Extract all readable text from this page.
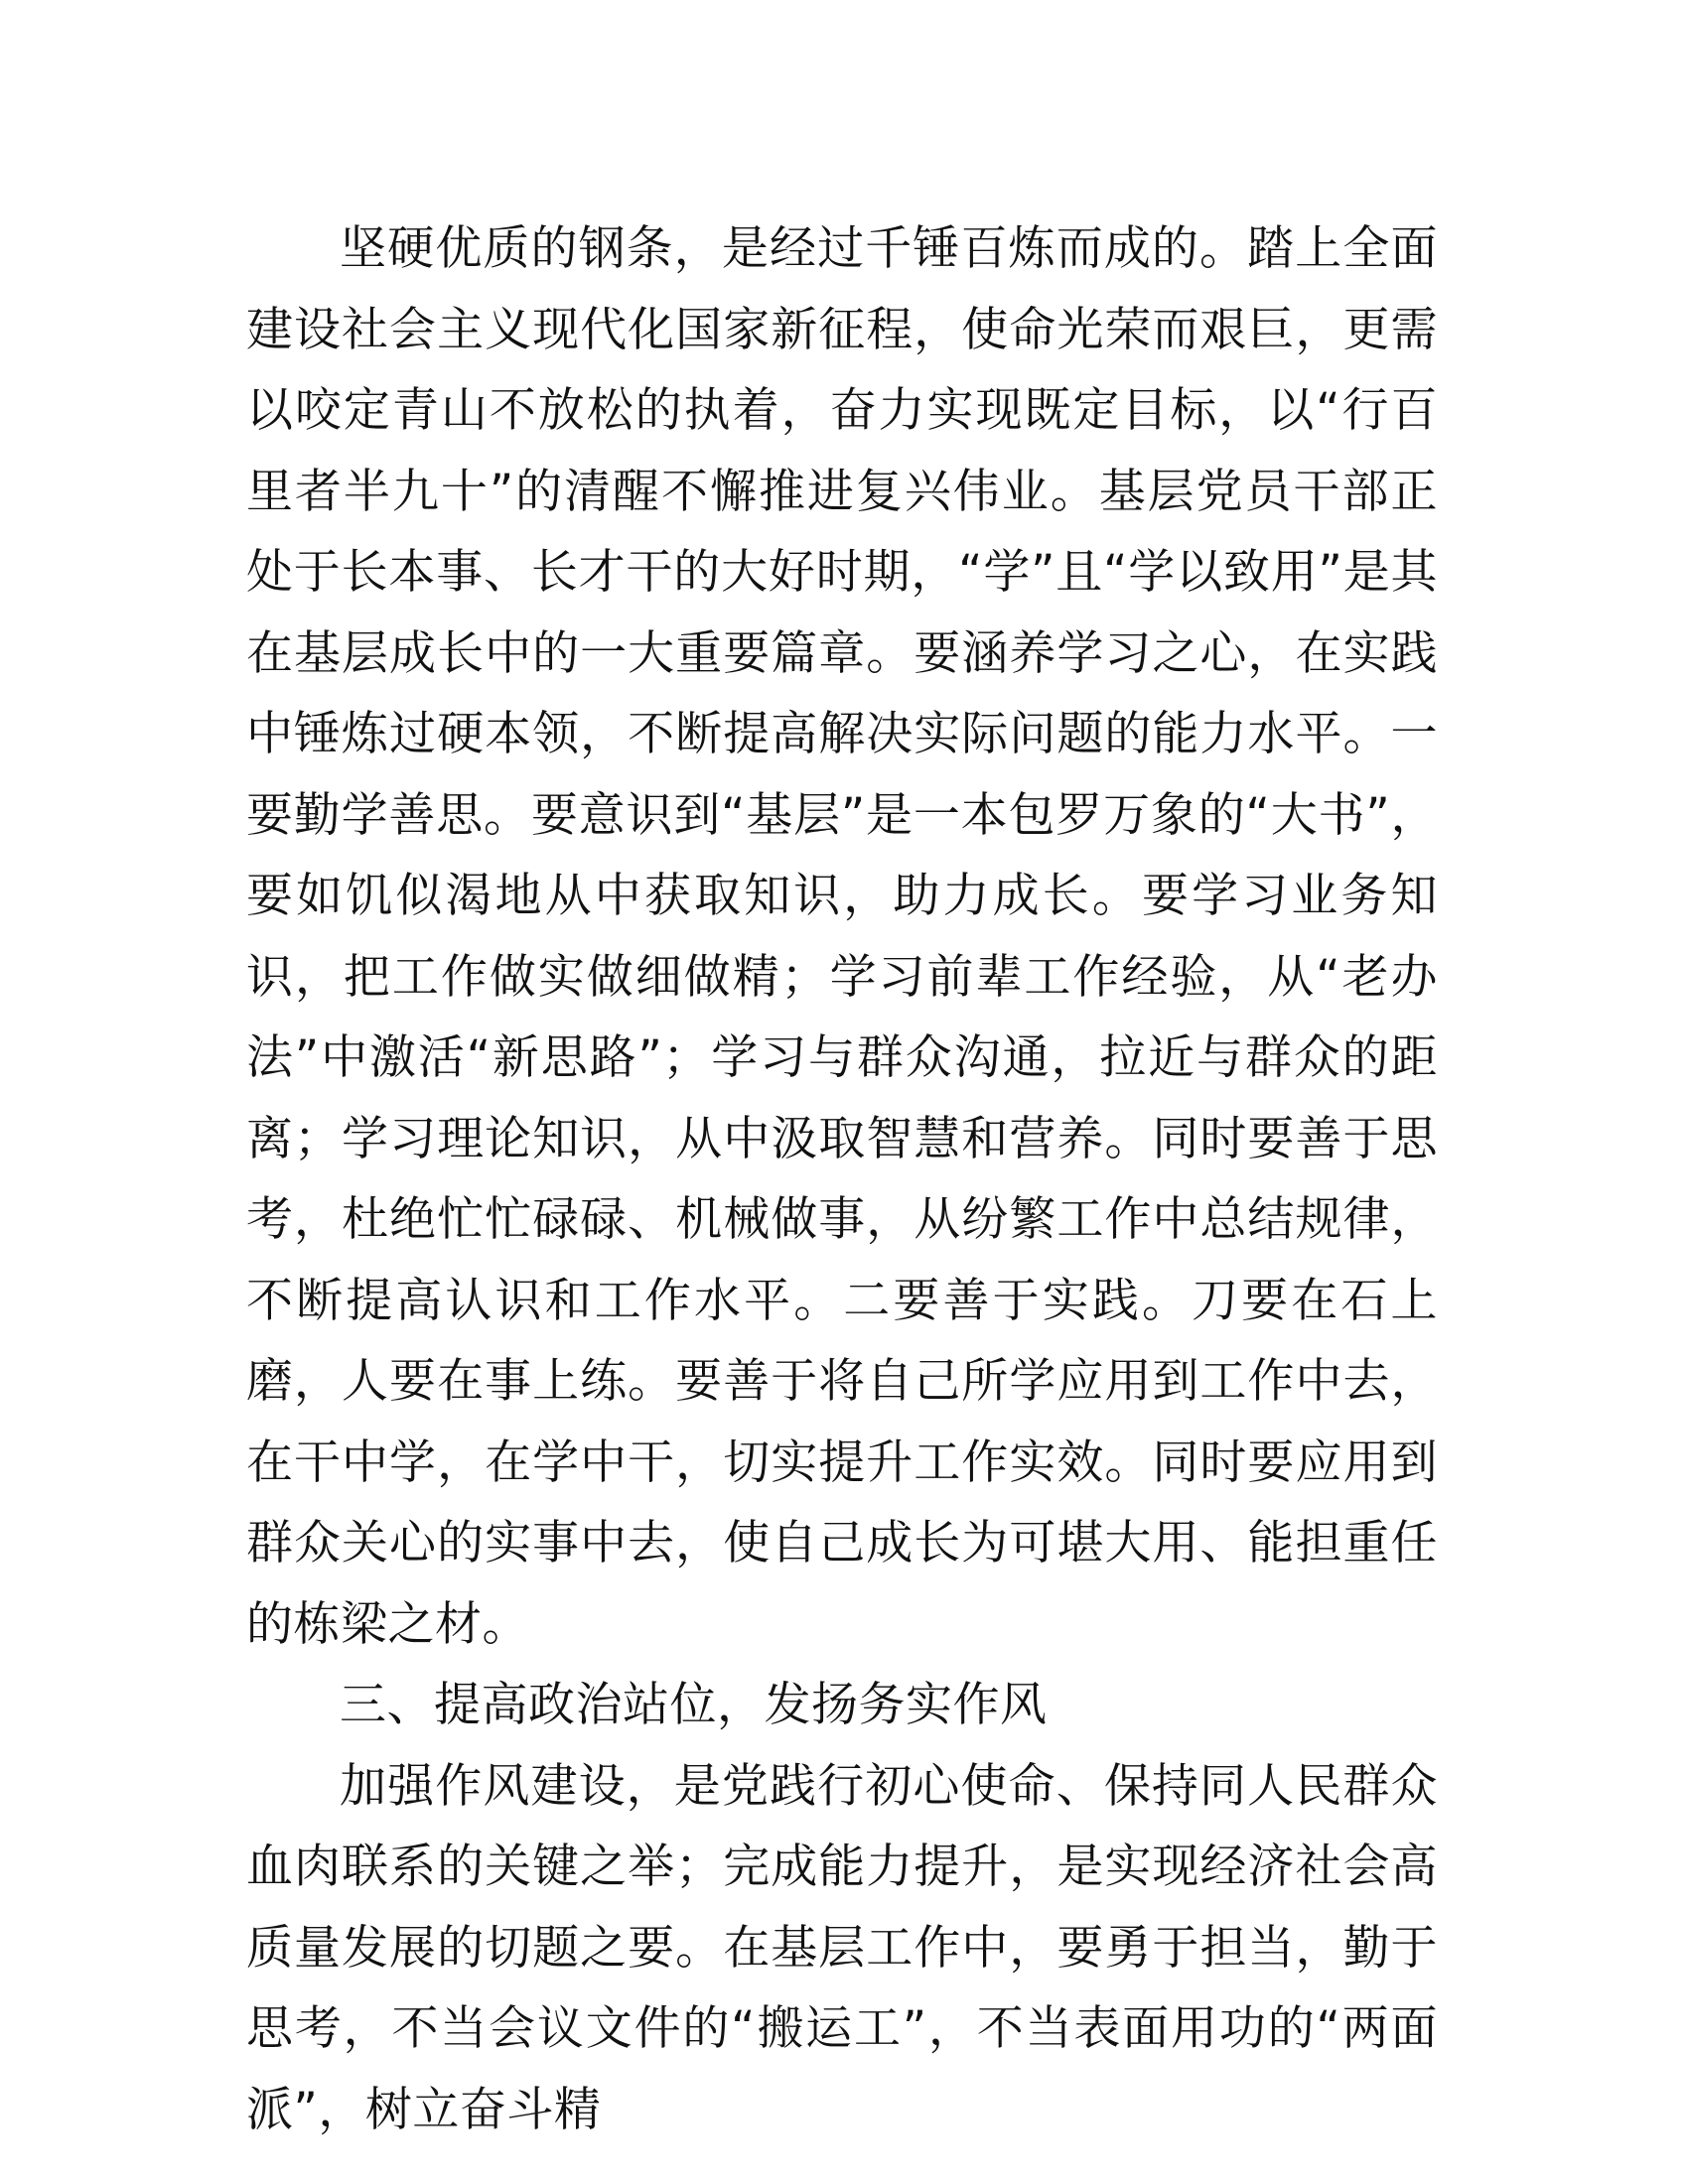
坚硬优质的钢条，是经过千锤百炼而成的。踏上全面建设社会主义现代化国家新征程，使命光荣而艰巨，更需以咬定青山不放松的执着，奋力实现既定目标，以“行百里者半九十”的清醒不懈推进复兴伟业。基层党员干部正处于长本事、长才干的大好时期，“学”且“学以致用”是其在基层成长中的一大重要篇章。要涵养学习之心，在实践中锤炼过硬本领，不断提高解决实际问题的能力水平。一要勤学善思。要意识到“基层”是一本包罗万象的“大书”，要如饥似渴地从中获取知识，助力成长。要学习业务知识，把工作做实做细做精；学习前辈工作经验，从“老办法”中激活“新思路”；学习与群众沟通，拉近与群众的距离；学习理论知识，从中汲取智慧和营养。同时要善于思考，杜绝忙忙碌碌、机械做事，从纷繁工作中总结规律，不断提高认识和工作水平。二要善于实践。刀要在石上磨，人要在事上练。要善于将自己所学应用到工作中去，在干中学，在学中干，切实提升工作实效。同时要应用到群众关心的实事中去，使自己成长为可堪大用、能担重任的栋梁之材。

三、提高政治站位，发扬务实作风

加强作风建设，是党践行初心使命、保持同人民群众血肉联系的关键之举；完成能力提升，是实现经济社会高质量发展的切题之要。在基层工作中，要勇于担当，勤于思考，不当会议文件的“搬运工”，不当表面用功的“两面派”，树立奋斗精
